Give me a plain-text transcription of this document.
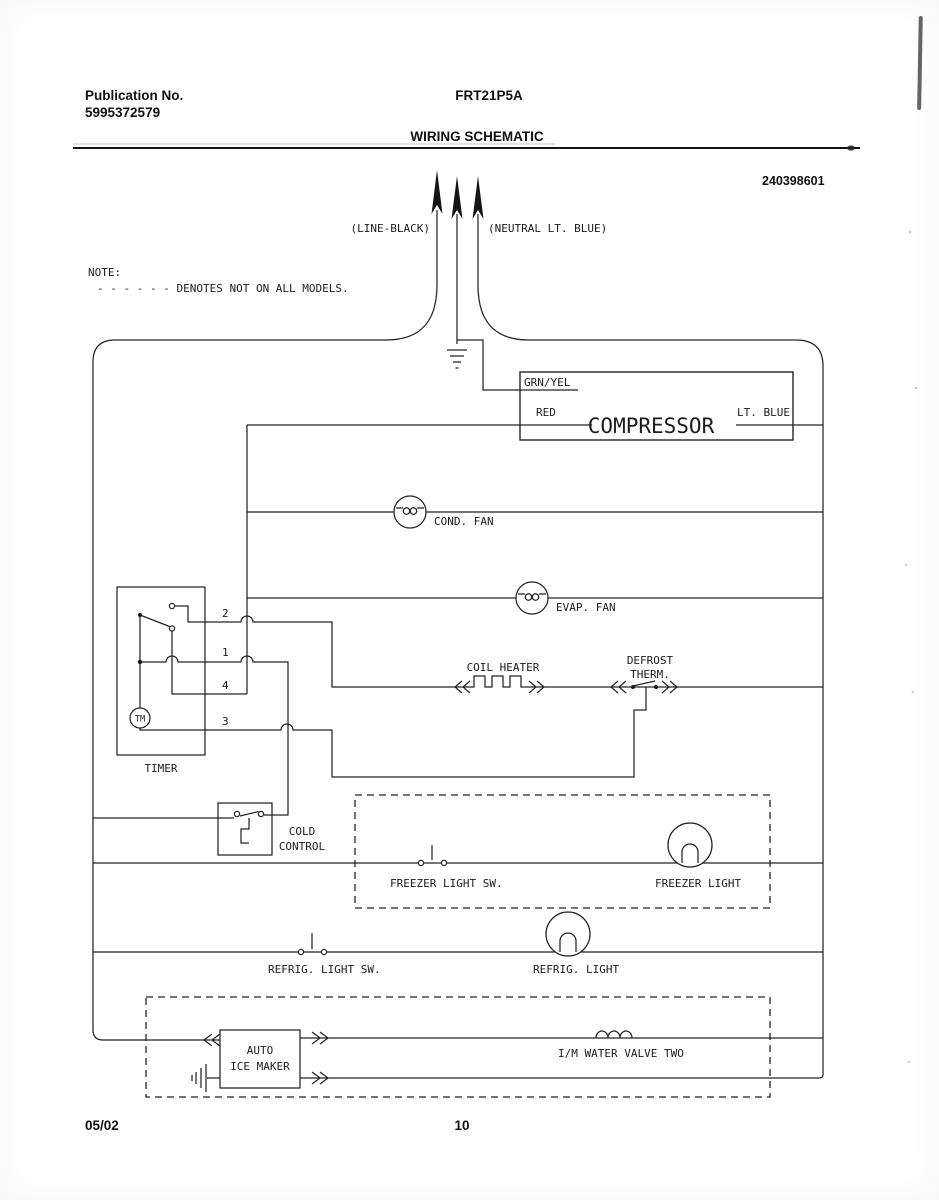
Publication No.
5995372579
FRT21P5A
WIRING SCHEMATIC
240398601
NOTE:
- - - - - - DENOTES NOT ON ALL MODELS.
(LINE-BLACK)	(NEUTRAL LT. BLUE)
TM
2
1
4
3
TIMER
GRN/YEL
RED
COMPRESSOR
LT. BLUE
COND. FAN
EVAP. FAN
COIL HEATER
DEFROST
THERM.
COLD
CONTROL
FREEZER LIGHT SW.	FREEZER LIGHT
REFRIG. LIGHT SW.	REFRIG. LIGHT
AUTO
ICE MAKER
I/M WATER VALVE TWO
05/02	10
